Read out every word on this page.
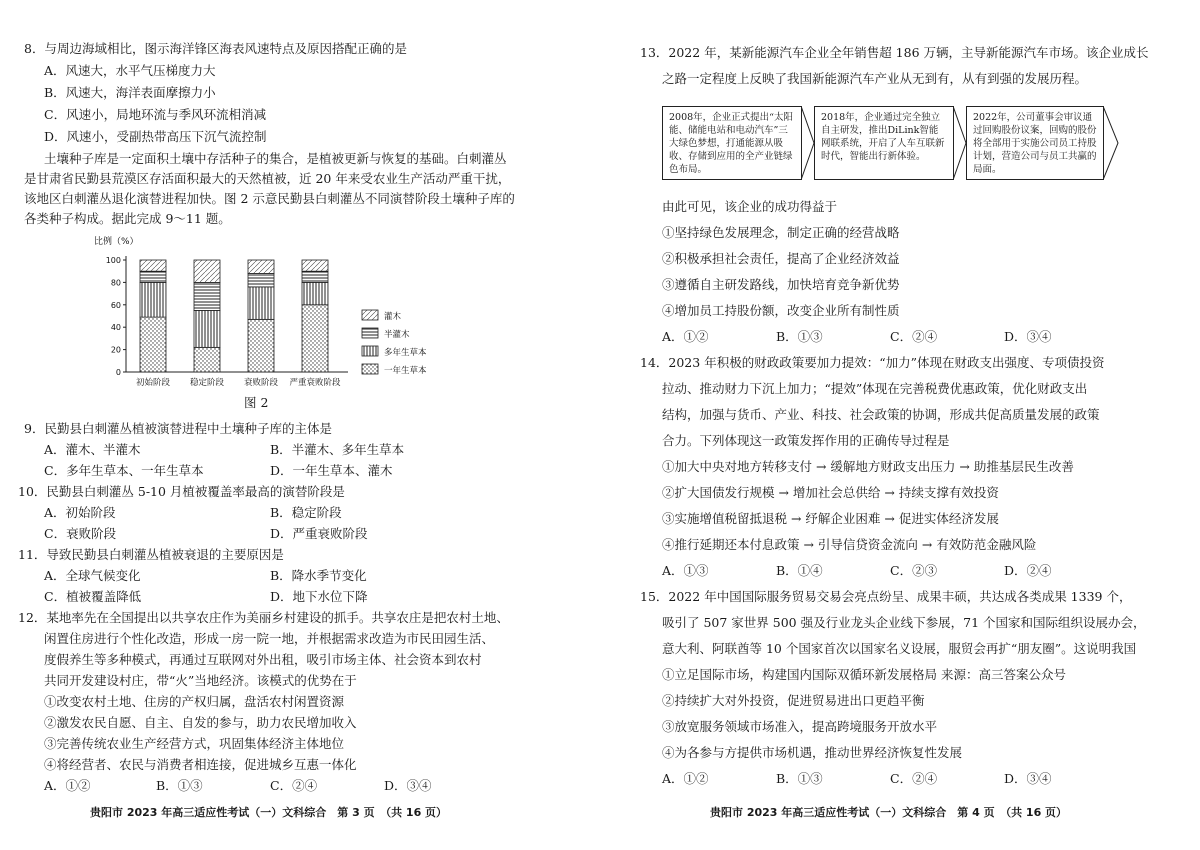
8．与周边海域相比，图示海洋锋区海表风速特点及原因搭配正确的是
A．风速大，水平气压梯度力大
B．风速大，海洋表面摩擦力小
C．风速小，局地环流与季风环流相消减
D．风速小，受副热带高压下沉气流控制
土壤种子库是一定面积土壤中存活种子的集合，是植被更新与恢复的基础。白刺灌丛
是甘肃省民勤县荒漠区存活面积最大的天然植被，近 20 年来受农业生产活动严重干扰，
该地区白刺灌丛退化演替进程加快。图 2 示意民勤县白刺灌丛不同演替阶段土壤种子库的
各类种子构成。据此完成 9～11 题。
比例（%）
0
20
40
60
80
100
初始阶段 稳定阶段 衰败阶段 严重衰败阶段
灌木
半灌木
多年生草本
一年生草本
图 2
9．民勤县白刺灌丛植被演替进程中土壤种子库的主体是
A．灌木、半灌木	B．半灌木、多年生草本
C．多年生草本、一年生草本	D．一年生草本、灌木
10．民勤县白刺灌丛 5-10 月植被覆盖率最高的演替阶段是
A．初始阶段	B．稳定阶段
C．衰败阶段	D．严重衰败阶段
11．导致民勤县白刺灌丛植被衰退的主要原因是
A．全球气候变化	B．降水季节变化
C．植被覆盖降低	D．地下水位下降
12．某地率先在全国提出以共享农庄作为美丽乡村建设的抓手。共享农庄是把农村土地、
闲置住房进行个性化改造，形成一房一院一地，并根据需求改造为市民田园生活、
度假养生等多种模式，再通过互联网对外出租，吸引市场主体、社会资本到农村
共同开发建设村庄，带“火”当地经济。该模式的优势在于
①改变农村土地、住房的产权归属，盘活农村闲置资源
②激发农民自愿、自主、自发的参与，助力农民增加收入
③完善传统农业生产经营方式，巩固集体经济主体地位
④将经营者、农民与消费者相连接，促进城乡互惠一体化
A．①②	B．①③	C．②④	D．③④
贵阳市 2023 年高三适应性考试（一）文科综合　第 3 页　（共 16 页）
13．2022 年，某新能源汽车企业全年销售超 186 万辆，主导新能源汽车市场。该企业成长
之路一定程度上反映了我国新能源汽车产业从无到有，从有到强的发展历程。
2008年，企业正式提出“太阳能、储能电站和电动汽车”三大绿色梦想，打通能源从吸收、存储到应用的全产业链绿色布局。
2018年，企业通过完全独立自主研发，推出DiLink智能网联系统，开启了人车互联新时代，智能出行新体验。
2022年，公司董事会审议通过回购股份议案，回购的股份将全部用于实施公司员工持股计划，营造公司与员工共赢的局面。
由此可见，该企业的成功得益于
①坚持绿色发展理念，制定正确的经营战略
②积极承担社会责任，提高了企业经济效益
③遵循自主研发路线，加快培育竞争新优势
④增加员工持股份额，改变企业所有制性质
A．①②	B．①③	C．②④	D．③④
14．2023 年积极的财政政策要加力提效：“加力”体现在财政支出强度、专项债投资
拉动、推动财力下沉上加力；“提效”体现在完善税费优惠政策，优化财政支出
结构，加强与货币、产业、科技、社会政策的协调，形成共促高质量发展的政策
合力。下列体现这一政策发挥作用的正确传导过程是
①加大中央对地方转移支付 → 缓解地方财政支出压力 → 助推基层民生改善
②扩大国债发行规模 → 增加社会总供给 → 持续支撑有效投资
③实施增值税留抵退税 → 纾解企业困难 → 促进实体经济发展
④推行延期还本付息政策 → 引导信贷资金流向 → 有效防范金融风险
A．①③	B．①④	C．②③	D．②④
15．2022 年中国国际服务贸易交易会亮点纷呈、成果丰硕，共达成各类成果 1339 个，
吸引了 507 家世界 500 强及行业龙头企业线下参展，71 个国家和国际组织设展办会，
意大利、阿联酋等 10 个国家首次以国家名义设展，服贸会再扩“朋友圈”。这说明我国
①立足国际市场，构建国内国际双循环新发展格局 来源：高三答案公众号
②持续扩大对外投资，促进贸易进出口更趋平衡
③放宽服务领域市场准入，提高跨境服务开放水平
④为各参与方提供市场机遇，推动世界经济恢复性发展
A．①②	B．①③	C．②④	D．③④
贵阳市 2023 年高三适应性考试（一）文科综合　第 4 页　（共 16 页）
